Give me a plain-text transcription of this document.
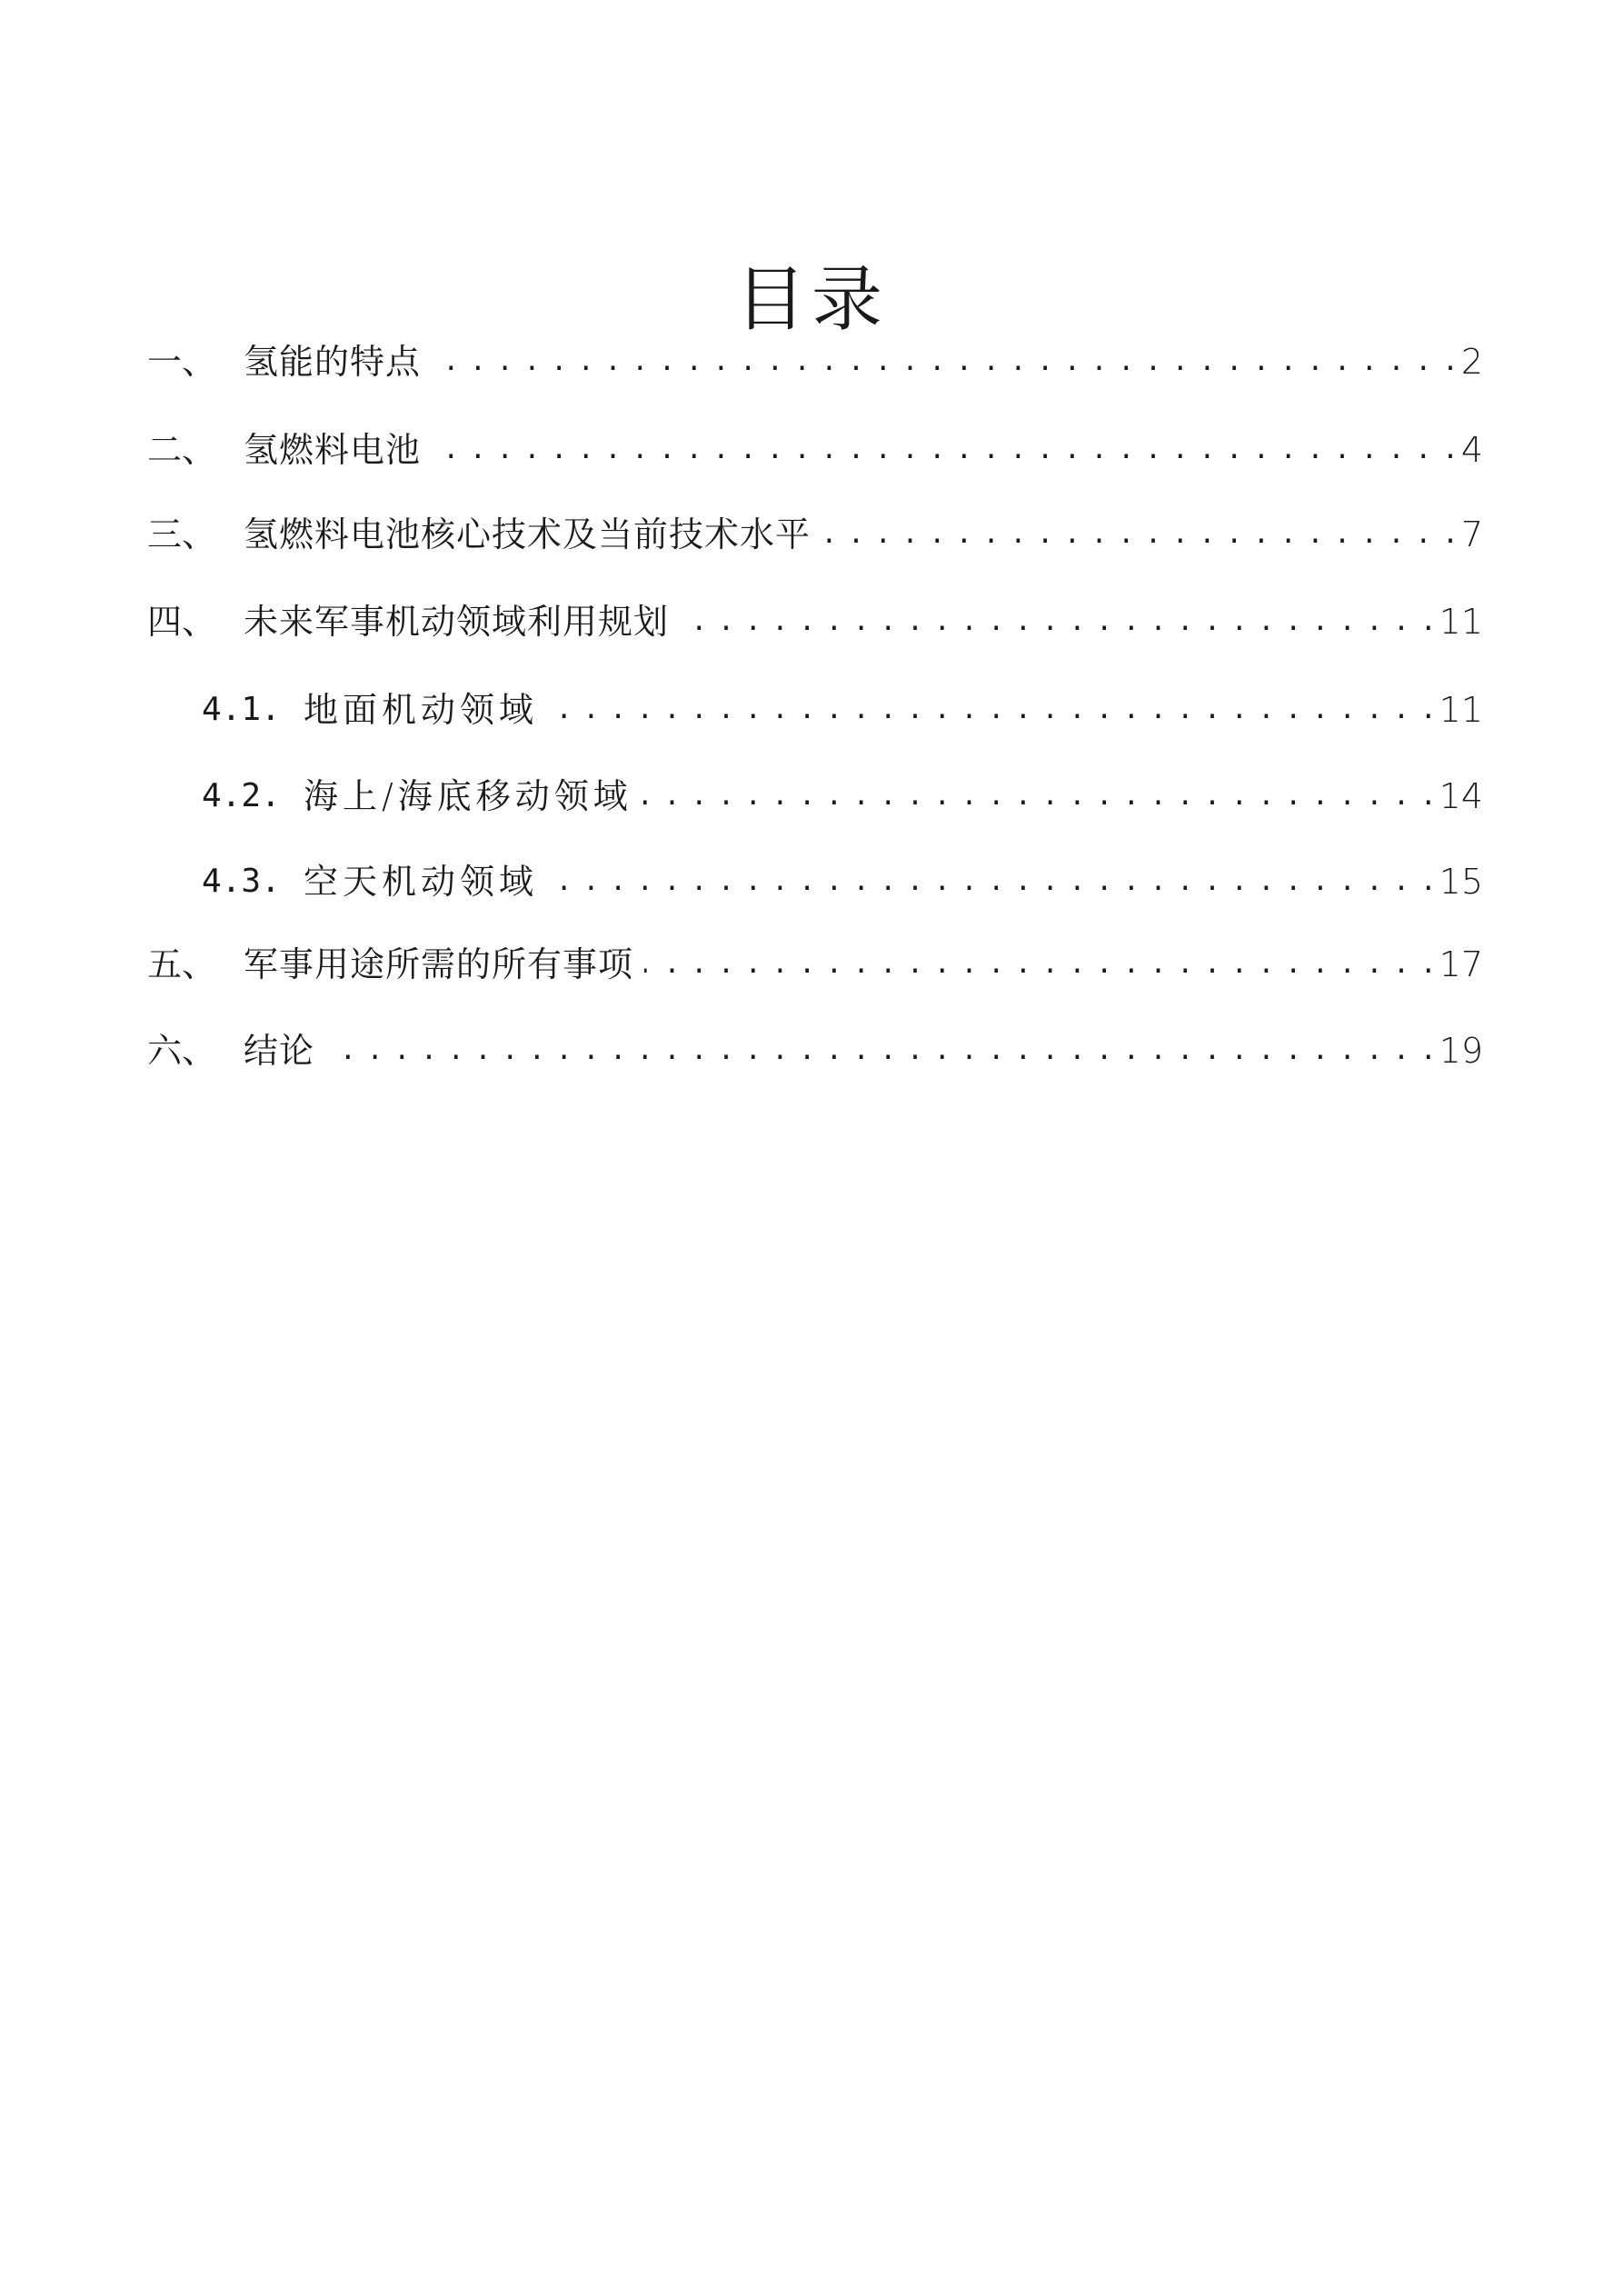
目录
一、 氢能的特点 . . .	2
二、 氢燃料电池 . . .	4
三、 氢燃料电池核心技术及当前技术水平 . . .	7
四、 未来军事机动领域利用规划 . . .	11
4.1. 地面机动领域 . . .	11
4.2. 海上/海底移动领域 . . .	14
4.3. 空天机动领域 . . .	15
五、 军事用途所需的所有事项 . . .	17
六、 结论 . . .	19
